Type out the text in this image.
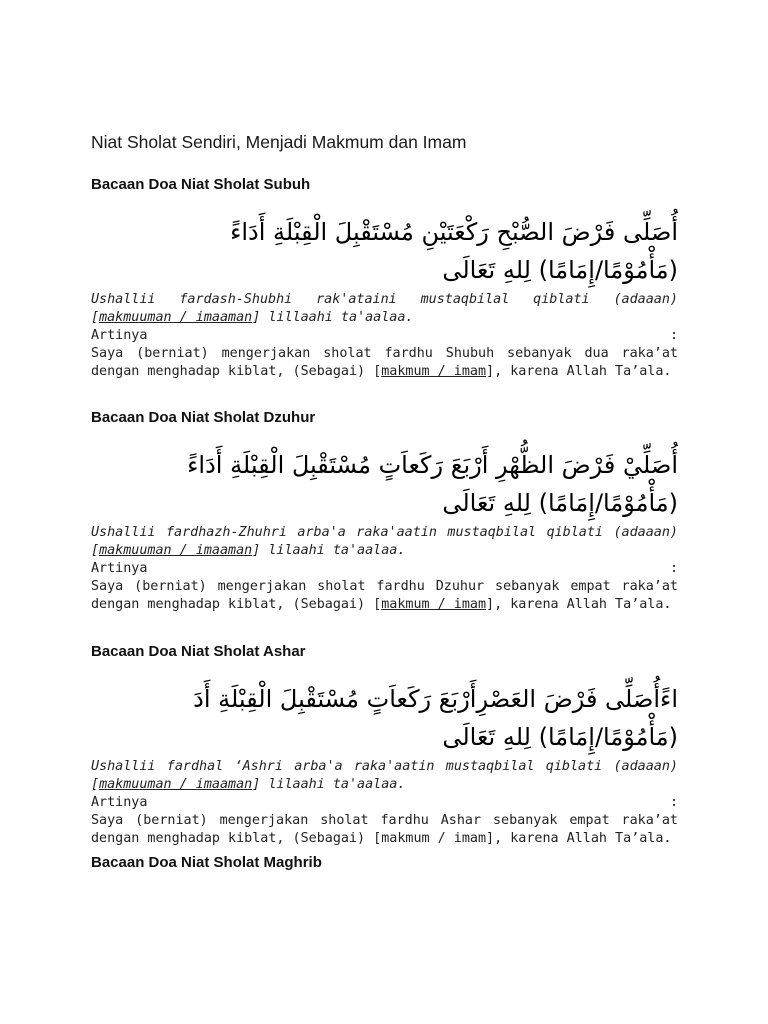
Niat Sholat Sendiri, Menjadi Makmum dan Imam
Bacaan Doa Niat Sholat Subuh
أُصَلِّى فَرْضَ الصُّبْحِ رَكْعَتَيْنِ مُسْتَقْبِلَ الْقِبْلَةِ أَدَاءً
(مَأْمُوْمًا/إِمَامًا) لِلهِ تَعَالَى
Ushallii fardash-Shubhi rak'ataini mustaqbilal qiblati (adaaan) [makmuuman / imaaman] lillaahi ta'aalaa.
Artinya	:
Saya (berniat) mengerjakan sholat fardhu Shubuh sebanyak dua raka’at dengan menghadap kiblat, (Sebagai) [makmum / imam], karena Allah Ta’ala.
Bacaan Doa Niat Sholat Dzuhur
أُصَلِّيْ فَرْضَ الظُّهْرِ أَرْبَعَ رَكَعاَتٍ مُسْتَقْبِلَ الْقِبْلَةِ أَدَاءً
(مَأْمُوْمًا/إِمَامًا) لِلهِ تَعَالَى
Ushallii fardhazh-Zhuhri arba'a raka'aatin mustaqbilal qiblati (adaaan) [makmuuman / imaaman] lilaahi ta'aalaa.
Artinya	:
Saya (berniat) mengerjakan sholat fardhu Dzuhur sebanyak empat raka’at dengan menghadap kiblat, (Sebagai) [makmum / imam], karena Allah Ta’ala.
Bacaan Doa Niat Sholat Ashar
اءًأُصَلِّى فَرْضَ العَصْرِأَرْبَعَ رَكَعاَتٍ مُسْتَقْبِلَ الْقِبْلَةِ أَدَ
(مَأْمُوْمًا/إِمَامًا) لِلهِ تَعَالَى
Ushallii fardhal ‘Ashri arba'a raka'aatin mustaqbilal qiblati (adaaan) [makmuuman / imaaman] lilaahi ta'aalaa.
Artinya	:
Saya (berniat) mengerjakan sholat fardhu Ashar sebanyak empat raka’at dengan menghadap kiblat, (Sebagai) [makmum / imam], karena Allah Ta’ala.
Bacaan Doa Niat Sholat Maghrib
